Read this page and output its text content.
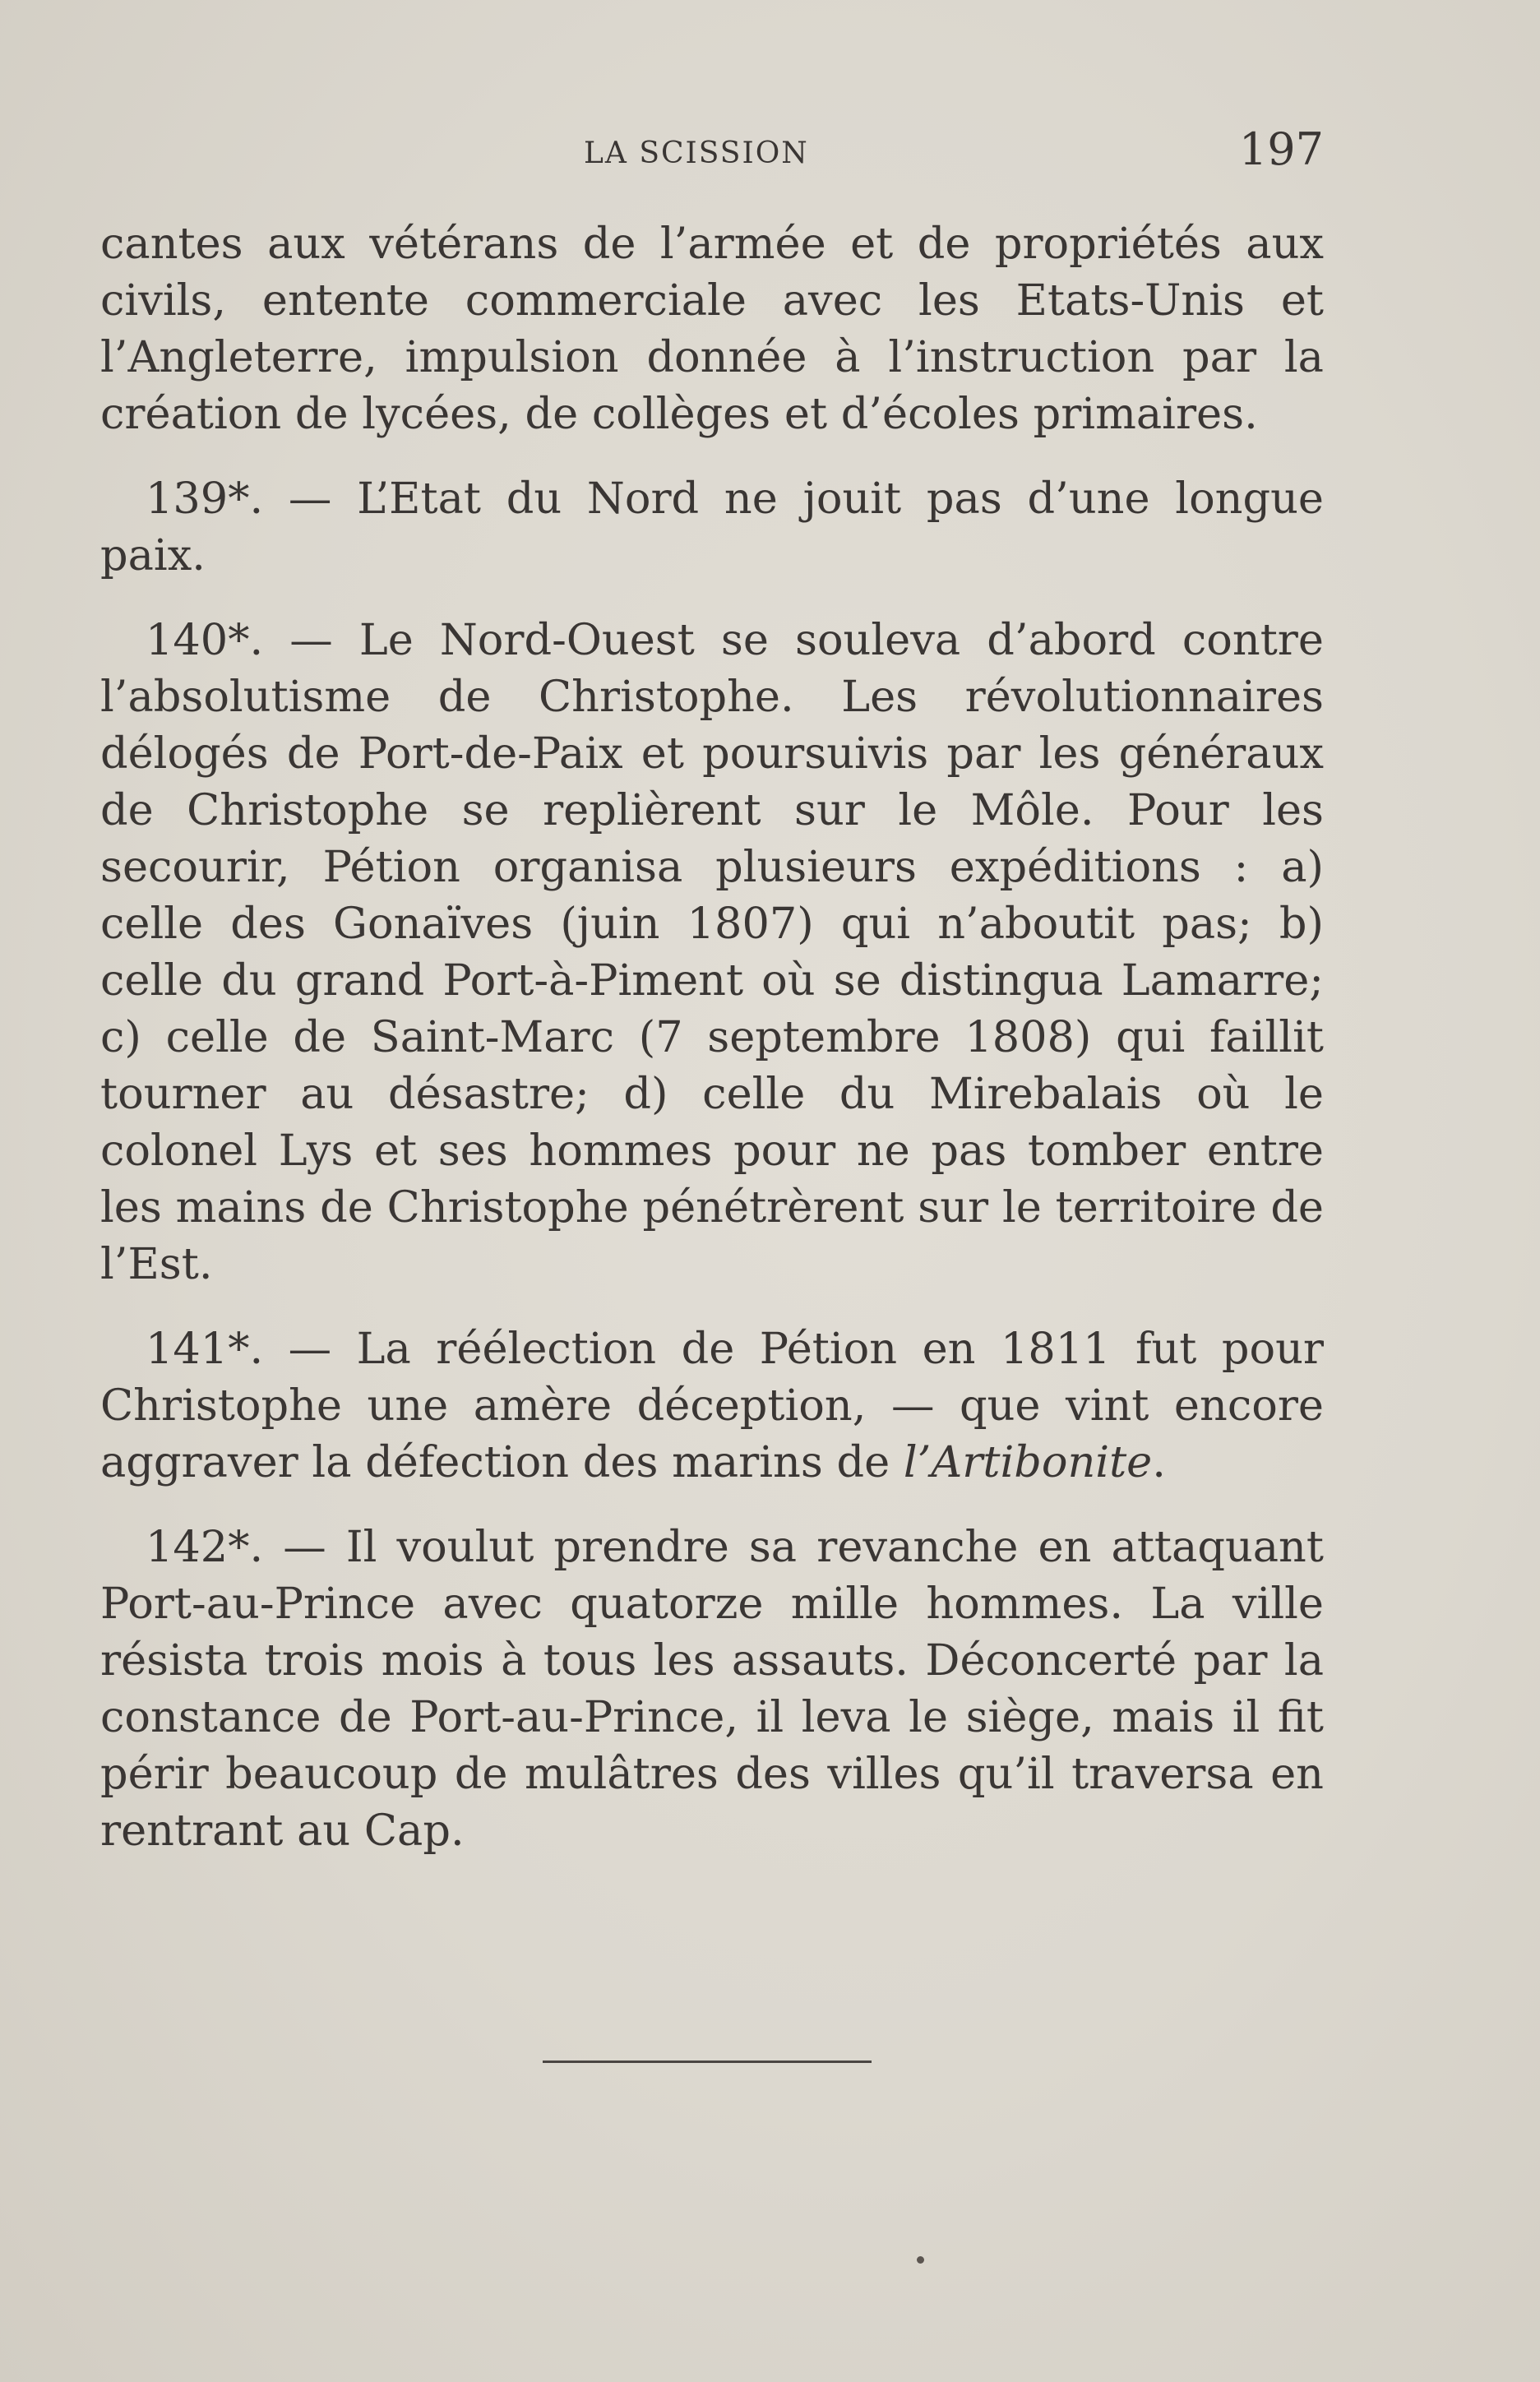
LA SCISSION	197

cantes aux vétérans de l’armée et de propriétés aux civils, entente commerciale avec les Etats-Unis et l’Angleterre, impulsion donnée à l’instruction par la création de lycées, de collèges et d’écoles primaires.

139*. — L’Etat du Nord ne jouit pas d’une longue paix.

140*. — Le Nord-Ouest se souleva d’abord contre l’absolutisme de Christophe. Les révolutionnaires délogés de Port-de-Paix et poursuivis par les généraux de Christophe se replièrent sur le Môle. Pour les secourir, Pétion organisa plusieurs expéditions : a) celle des Gonaïves (juin 1807) qui n’aboutit pas; b) celle du grand Port-à-Piment où se distingua Lamarre; c) celle de Saint-Marc (7 septembre 1808) qui faillit tourner au désastre; d) celle du Mirebalais où le colonel Lys et ses hommes pour ne pas tomber entre les mains de Christophe pénétrèrent sur le territoire de l’Est.

141*. — La réélection de Pétion en 1811 fut pour Christophe une amère déception, — que vint encore aggraver la défection des marins de l’Artibonite.

142*. — Il voulut prendre sa revanche en attaquant Port-au-Prince avec quatorze mille hommes. La ville résista trois mois à tous les assauts. Déconcerté par la constance de Port-au-Prince, il leva le siège, mais il fit périr beaucoup de mulâtres des villes qu’il traversa en rentrant au Cap.
